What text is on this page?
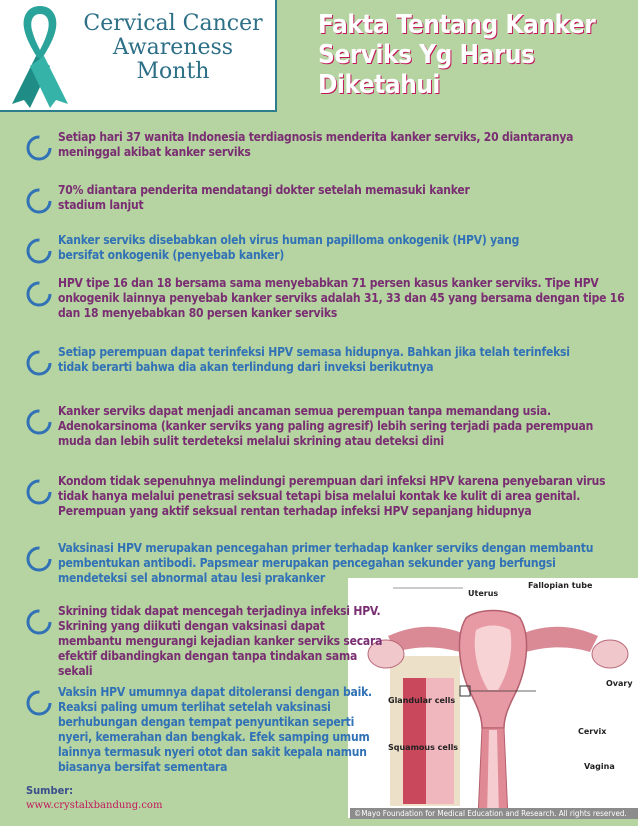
Cervical Cancer
Awareness
Month
Fakta Tentang Kanker
Serviks Yg Harus Diketahui
Setiap hari 37 wanita Indonesia terdiagnosis menderita kanker serviks, 20 diantaranya meninggal akibat kanker serviks
70% diantara penderita mendatangi dokter setelah memasuki kanker stadium lanjut
Kanker serviks disebabkan oleh virus human papilloma onkogenik (HPV) yang bersifat onkogenik (penyebab kanker)
HPV tipe 16 dan 18 bersama sama menyebabkan 71 persen kasus kanker serviks. Tipe HPV onkogenik lainnya penyebab kanker serviks adalah 31, 33 dan 45 yang bersama dengan tipe 16 dan 18 menyebabkan 80 persen kanker serviks
Setiap perempuan dapat terinfeksi HPV semasa hidupnya. Bahkan jika telah terinfeksi tidak berarti bahwa dia akan terlindung dari inveksi berikutnya
Kanker serviks dapat menjadi ancaman semua perempuan tanpa memandang usia. Adenokarsinoma (kanker serviks yang paling agresif) lebih sering terjadi pada perempuan muda dan lebih sulit terdeteksi melalui skrining atau deteksi dini
Kondom tidak sepenuhnya melindungi perempuan dari infeksi HPV karena penyebaran virus tidak hanya melalui penetrasi seksual tetapi bisa melalui kontak ke kulit di area genital. Perempuan yang aktif seksual rentan terhadap infeksi HPV sepanjang hidupnya
Vaksinasi HPV merupakan pencegahan primer terhadap kanker serviks dengan membantu pembentukan antibodi. Papsmear merupakan pencegahan sekunder yang berfungsi mendeteksi sel abnormal atau lesi prakanker
Fallopian tube
Uterus
Ovary
Glandular cells
Squamous cells
Cervix
Vagina
©Mayo Foundation for Medical Education and Research. All rights reserved.
Skrining tidak dapat mencegah terjadinya infeksi HPV. Skrining yang diikuti dengan vaksinasi dapat membantu mengurangi kejadian kanker serviks secara efektif dibandingkan dengan tanpa tindakan sama sekali
Vaksin HPV umumnya dapat ditoleransi dengan baik. Reaksi paling umum terlihat setelah vaksinasi berhubungan dengan tempat penyuntikan seperti nyeri, kemerahan dan bengkak. Efek samping umum lainnya termasuk nyeri otot dan sakit kepala namun biasanya bersifat sementara
Sumber:
www.crystalxbandung.com
